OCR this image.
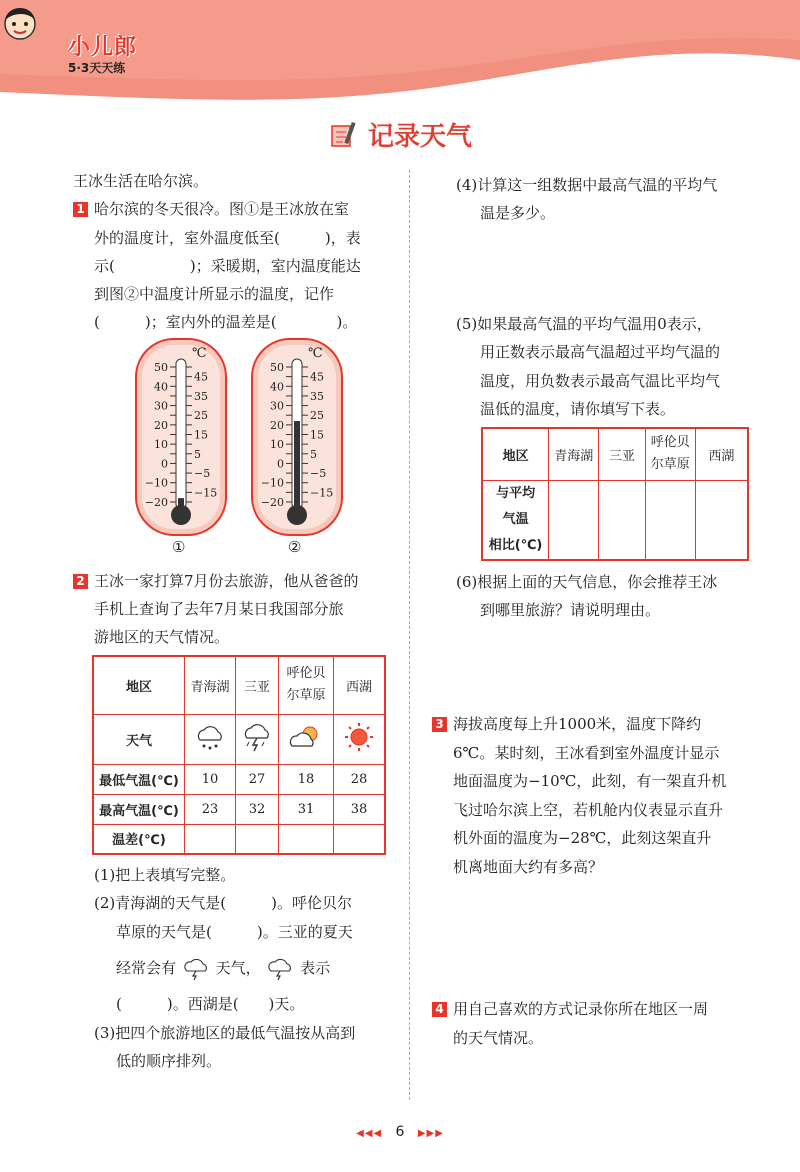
小儿郎
5·3天天练
记录天气
王冰生活在哈尔滨。
1 哈尔滨的冬天很冷。图①是王冰放在室
外的温度计，室外温度低至(　　　)，表
示(　　　　　)；采暖期，室内温度能达
到图②中温度计所显示的温度，记作
(　　　)；室内外的温差是(　　　　)。
℃
50
40
30
20
10
0
−10
−20
45
35
25
15
5
−5
−15
℃
50
40
30
20
10
0
−10
−20
45
35
25
15
5
−5
−15
①	②
2 王冰一家打算7月份去旅游，他从爸爸的
手机上查询了去年7月某日我国部分旅
游地区的天气情况。
地区	青海湖	三亚	呼伦贝
尔草原	西湖
天气				
最低气温(℃)	10	27	18	28
最高气温(℃)	23	32	31	38
温差(℃)				
(1)把上表填写完整。
(2)青海湖的天气是(　　　)。呼伦贝尔
草原的天气是(　　　)。三亚的夏天
经常会有	天气，	表示
(　　　)。西湖是(　　)天。
(3)把四个旅游地区的最低气温按从高到
低的顺序排列。
(4)计算这一组数据中最高气温的平均气
温是多少。
(5)如果最高气温的平均气温用0表示，
用正数表示最高气温超过平均气温的
温度，用负数表示最高气温比平均气
温低的温度，请你填写下表。
地区	青海湖	三亚	呼伦贝
尔草原	西湖
与平均
气温
相比(℃)				
(6)根据上面的天气信息，你会推荐王冰
到哪里旅游？请说明理由。
3 海拔高度每上升1000米，温度下降约
6℃。某时刻，王冰看到室外温度计显示
地面温度为−10℃，此刻，有一架直升机
飞过哈尔滨上空，若机舱内仪表显示直升
机外面的温度为−28℃，此刻这架直升
机离地面大约有多高？
4 用自己喜欢的方式记录你所在地区一周
的天气情况。
◀◀◀ 6 ▶▶▶
